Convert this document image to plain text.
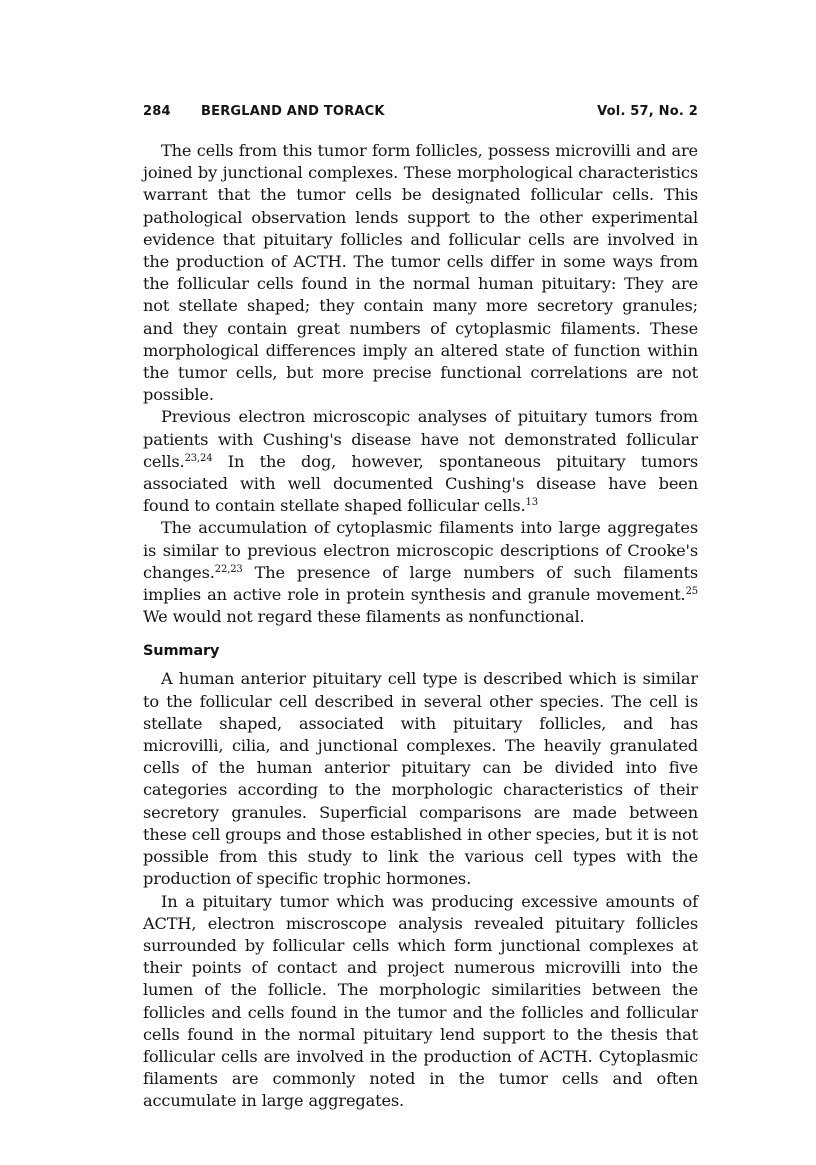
284 BERGLAND AND TORACK	Vol. 57, No. 2

The cells from this tumor form follicles, possess microvilli and are joined by junctional complexes. These morphological characteristics warrant that the tumor cells be designated follicular cells. This pathological observation lends support to the other experimental evidence that pituitary follicles and follicular cells are involved in the production of ACTH. The tumor cells differ in some ways from the follicular cells found in the normal human pituitary: They are not stellate shaped; they contain many more secretory granules; and they contain great numbers of cytoplasmic filaments. These morphological differences imply an altered state of function within the tumor cells, but more precise functional correlations are not possible.

Previous electron microscopic analyses of pituitary tumors from patients with Cushing's disease have not demonstrated follicular cells.$^{23,24}$ In the dog, however, spontaneous pituitary tumors associated with well documented Cushing's disease have been found to contain stellate shaped follicular cells.$^{13}$

The accumulation of cytoplasmic filaments into large aggregates is similar to previous electron microscopic descriptions of Crooke's changes.$^{22,23}$ The presence of large numbers of such filaments implies an active role in protein synthesis and granule movement.$^{25}$ We would not regard these filaments as nonfunctional.

Summary

A human anterior pituitary cell type is described which is similar to the follicular cell described in several other species. The cell is stellate shaped, associated with pituitary follicles, and has microvilli, cilia, and junctional complexes. The heavily granulated cells of the human anterior pituitary can be divided into five categories according to the morphologic characteristics of their secretory granules. Superficial comparisons are made between these cell groups and those established in other species, but it is not possible from this study to link the various cell types with the production of specific trophic hormones.

In a pituitary tumor which was producing excessive amounts of ACTH, electron miscroscope analysis revealed pituitary follicles surrounded by follicular cells which form junctional complexes at their points of contact and project numerous microvilli into the lumen of the follicle. The morphologic similarities between the follicles and cells found in the tumor and the follicles and follicular cells found in the normal pituitary lend support to the thesis that follicular cells are involved in the production of ACTH. Cytoplasmic filaments are commonly noted in the tumor cells and often accumulate in large aggregates.
